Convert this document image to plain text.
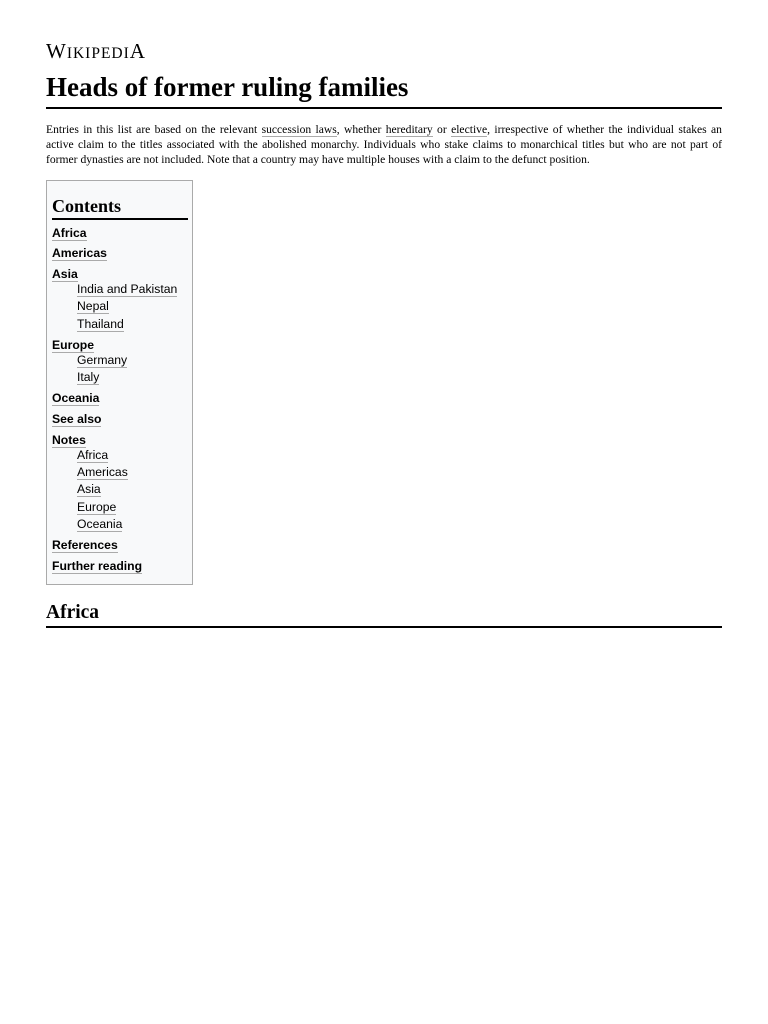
WIKIPEDIA
Heads of former ruling families

Entries in this list are based on the relevant succession laws, whether hereditary or elective, irrespective of whether the individual stakes an active claim to the titles associated with the abolished monarchy. Individuals who stake claims to monarchical titles but who are not part of former dynasties are not included. Note that a country may have multiple houses with a claim to the defunct position.

Contents
Africa
Americas
Asia
India and Pakistan
Nepal
Thailand
Europe
Germany
Italy
Oceania
See also
Notes
Africa
Americas
Asia
Europe
Oceania
References
Further reading
Africa
